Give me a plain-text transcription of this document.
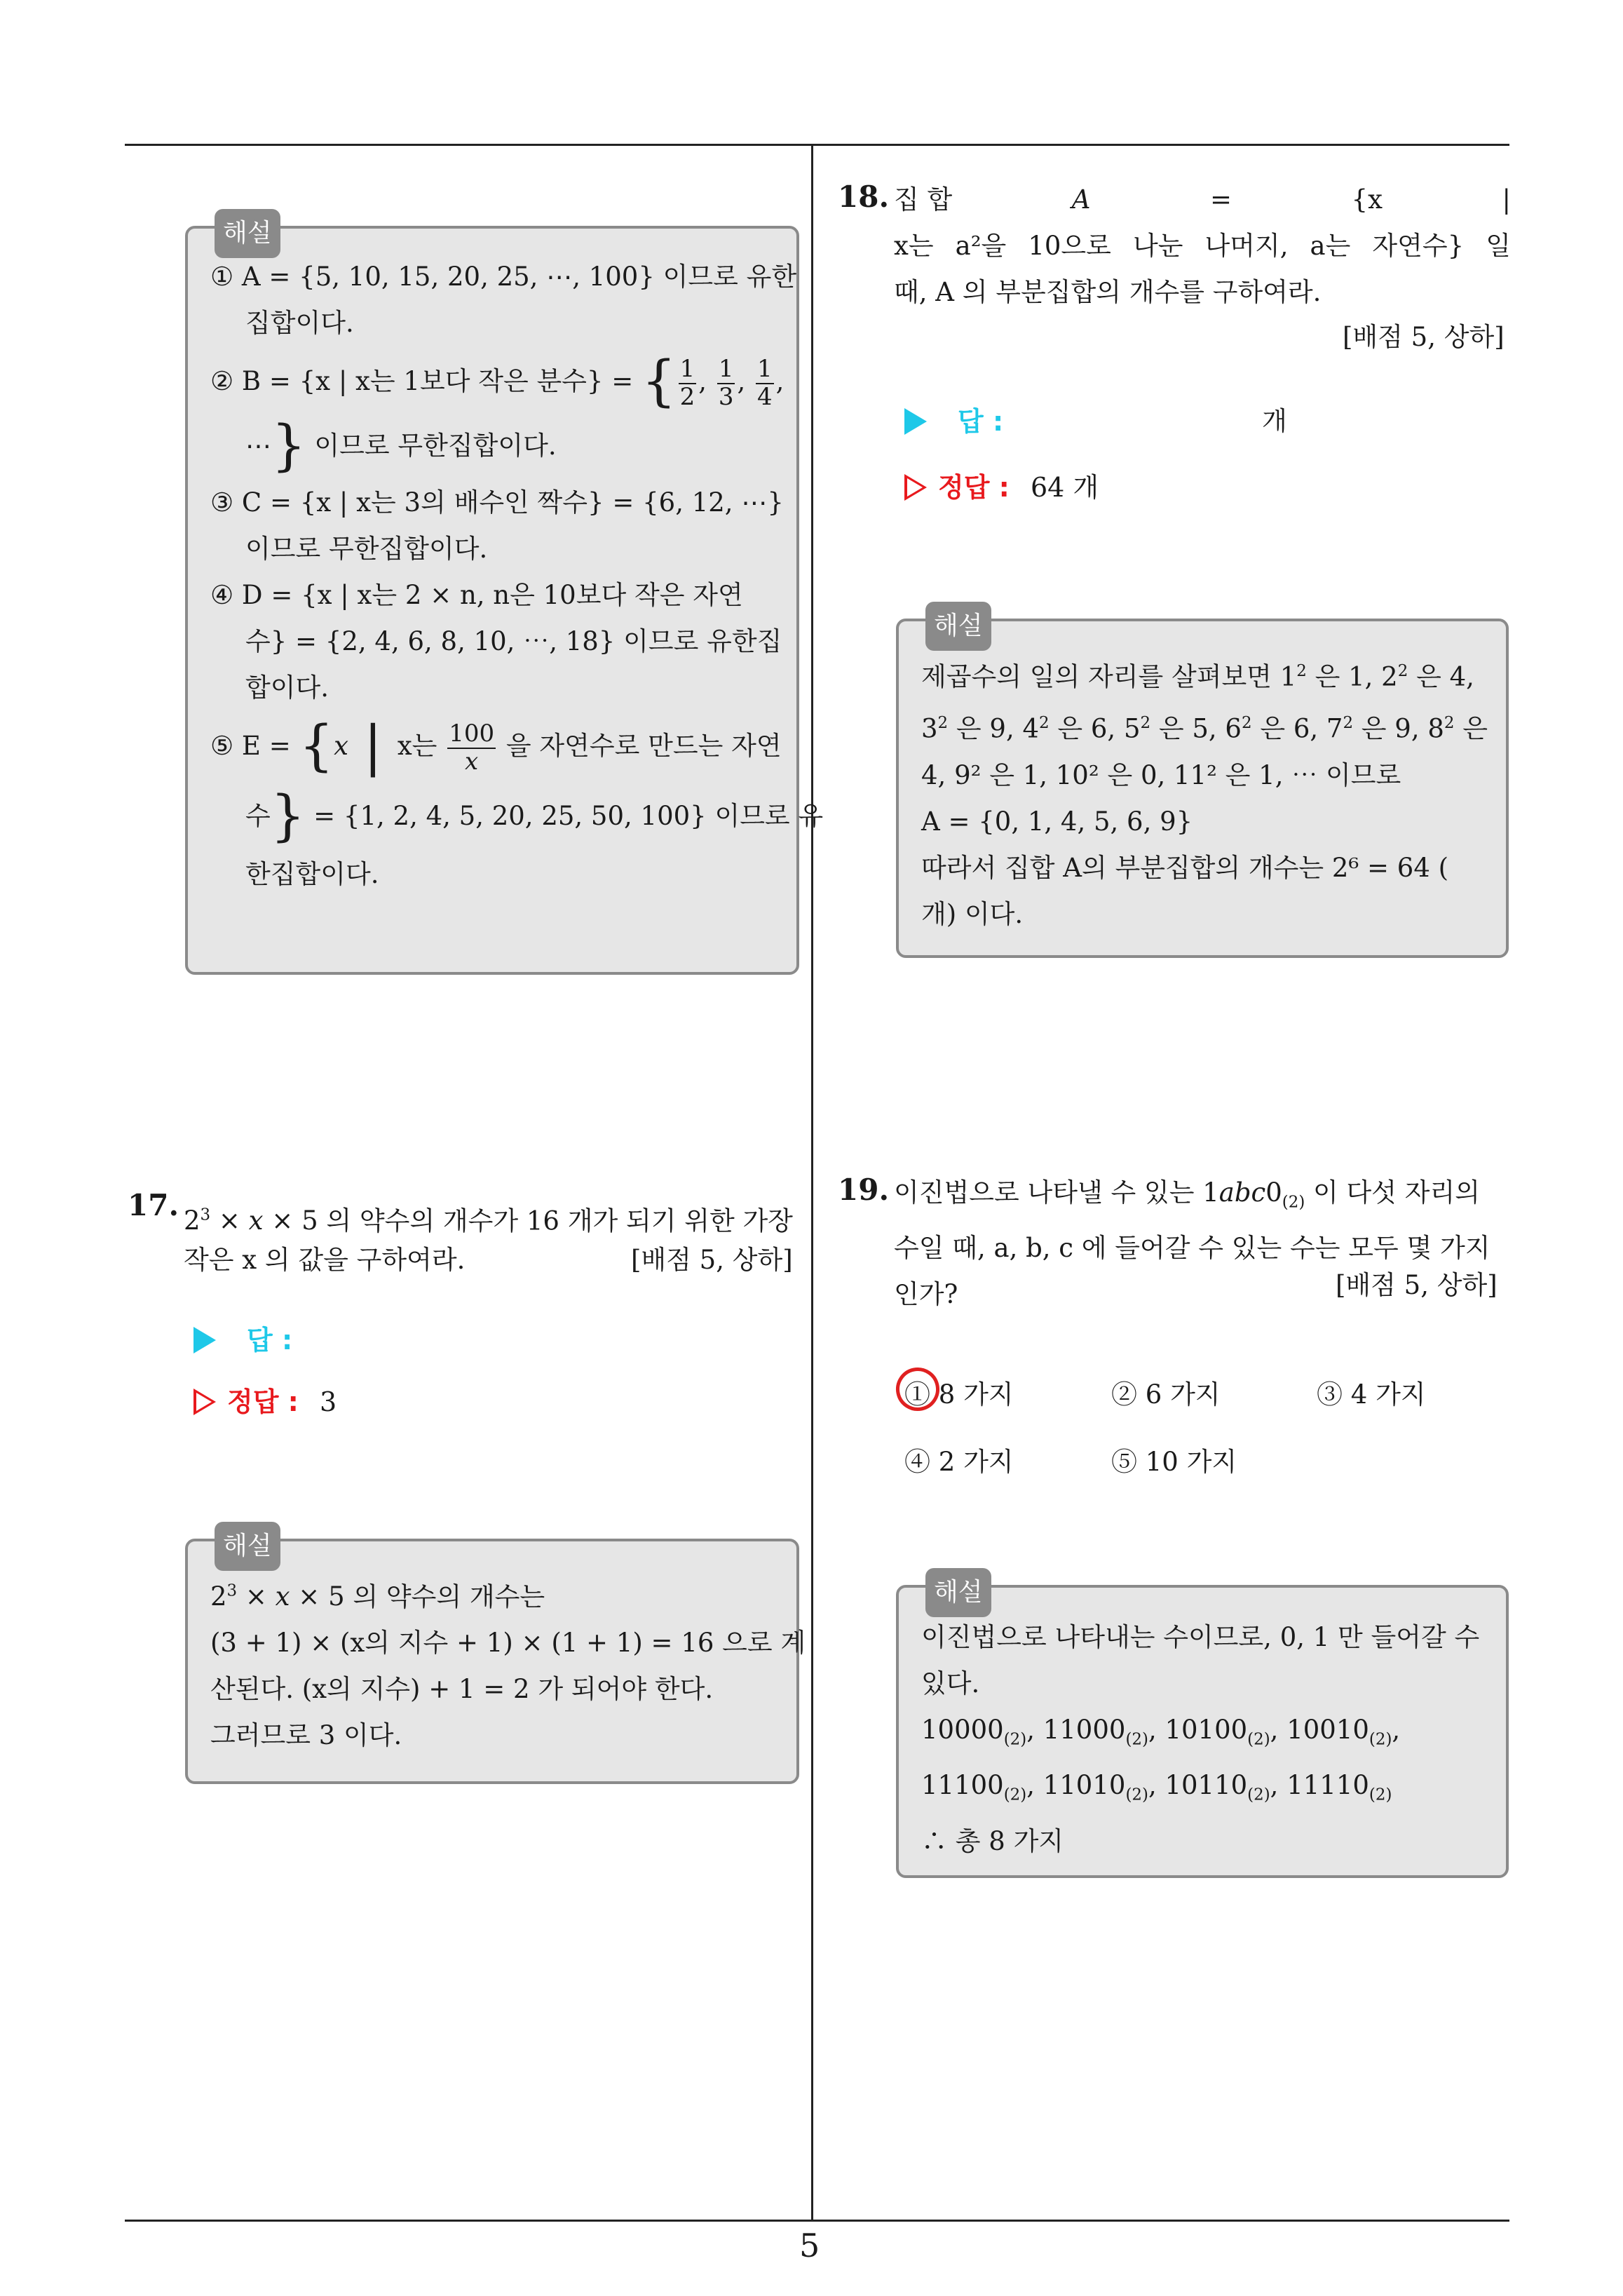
해설
① A = {5, 10, 15, 20, 25, ⋯, 100} 이므로 유한
집합이다.
② B = {x | x는 1보다 작은 분수} = { $\frac{1}{2}$ , $\frac{1}{3}$ , $\frac{1}{4}$ ,
⋯} 이므로 무한집합이다.
③ C = {x | x는 3의 배수인 짝수} = {6, 12, ⋯}
이므로 무한집합이다.
④ D = {x | x는 2 × n, n은 10보다 작은 자연
수} = {2, 4, 6, 8, 10, ⋯, 18} 이므로 유한집
합이다.
⑤ E = {x | x는 $\frac{100}{x}$ 을 자연수로 만드는 자연
수} = {1, 2, 4, 5, 20, 25, 50, 100} 이므로 유
한집합이다.
17. $2^3 \times x \times 5$ 의 약수의 개수가 16 개가 되기 위한 가장
작은 x 의 값을 구하여라.	[배점 5, 상하]
답 :
정답 : 3
해설
$2^3 \times x \times 5$ 의 약수의 개수는
(3 + 1) × (x의 지수 + 1) × (1 + 1) = 16 으로 계
산된다. (x의 지수) + 1 = 2 가 되어야 한다.
그러므로 3 이다.
18. 집 합	A	=	{x	|
x는 a²을 10으로 나눈 나머지, a는 자연수} 일
때, A 의 부분집합의 개수를 구하여라.
[배점 5, 상하]
답 :	개
정답 : 64 개
해설
제곱수의 일의 자리를 살펴보면 $1^2$ 은 1, $2^2$ 은 4,
$3^2$ 은 9, $4^2$ 은 6, $5^2$ 은 5, $6^2$ 은 6, $7^2$ 은 9, $8^2$ 은
4, 9² 은 1, 10² 은 0, 11² 은 1, ⋯ 이므로
A = {0, 1, 4, 5, 6, 9}
따라서 집합 A의 부분집합의 개수는 2⁶ = 64 (
개) 이다.
19. 이진법으로 나타낼 수 있는 $1abc0_{(2)}$ 이 다섯 자리의
수일 때, a, b, c 에 들어갈 수 있는 수는 모두 몇 가지
인가?	[배점 5, 상하]
① 8 가지	② 6 가지	③ 4 가지
④ 2 가지	⑤ 10 가지
해설
이진법으로 나타내는 수이므로, 0, 1 만 들어갈 수
있다.
$10000_{(2)}$, $11000_{(2)}$, $10100_{(2)}$, $10010_{(2)}$,
$11100_{(2)}$, $11010_{(2)}$, $10110_{(2)}$, $11110_{(2)}$
∴ 총 8 가지
5
